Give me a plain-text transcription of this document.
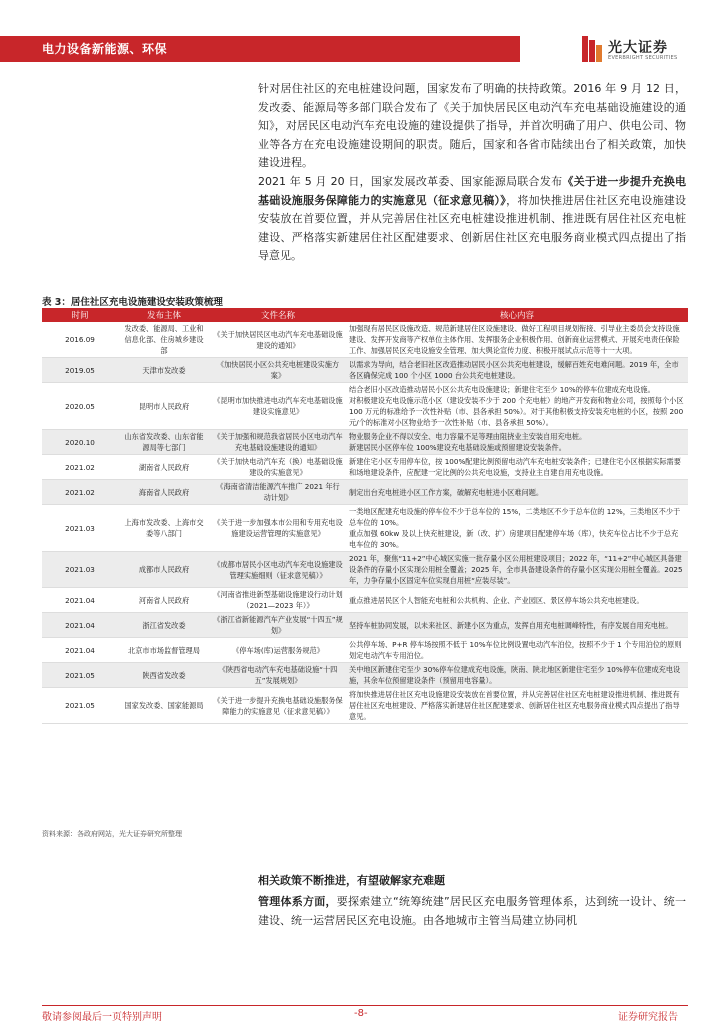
电力设备新能源、环保	光大证券
EVERBRIGHT SECURITIES
针对居住社区的充电桩建设问题，国家发布了明确的扶持政策。2016 年 9 月 12 日，发改委、能源局等多部门联合发布了《关于加快居民区电动汽车充电基础设施建设的通知》，对居民区电动汽车充电设施的建设提供了指导，并首次明确了用户、供电公司、物业等各方在充电设施建设期间的职责。随后，国家和各省市陆续出台了相关政策，加快建设进程。
2021 年 5 月 20 日，国家发展改革委、国家能源局联合发布《关于进一步提升充换电基础设施服务保障能力的实施意见（征求意见稿）》，将加快推进居住社区充电设施建设安装放在首要位置，并从完善居住社区充电桩建设推进机制、推进既有居住社区充电桩建设、严格落实新建居住社区配建要求、创新居住社区充电服务商业模式四点提出了指导意见。
表 3：居住社区充电设施建设安装政策梳理
时间	发布主体	文件名称	核心内容
2016.09	发改委、能源局、工业和信息化部、住房城乡建设部	《关于加快居民区电动汽车充电基础设施建设的通知》	加强现有居民区设施改造、规范新建居住区设施建设、做好工程项目规划衔接、引导业主委员会支持设施建设、发挥开发商等产权单位主体作用、发挥服务企业积极作用、创新商业运营模式、开展充电责任保险工作、加强居民区充电设施安全管理、加大舆论宣传力度、积极开展试点示范等十一大项。
2019.05	天津市发改委	《加快居民小区公共充电桩建设实施方案》	以需求为导向，结合老旧社区改造推动居民小区公共充电桩建设，缓解百姓充电难问题。2019 年，全市各区确保完成 100 个小区 1000 台公共充电桩建设。
2020.05	昆明市人民政府	《昆明市加快推进电动汽车充电基础设施建设实施意见》	结合老旧小区改造推动居民小区公共充电设施建设；新建住宅至少 10%的停车位建成充电设施。
对积极建设充电设施示范小区（建设安装不少于 200 个充电桩）的地产开发商和物业公司，按照每个小区 100 万元的标准给予一次性补贴（市、县各承担 50%）。对于其他积极支持安装充电桩的小区，按照 200 元/个的标准对小区物业给予一次性补贴（市、县各承担 50%）。
2020.10	山东省发改委、山东省能源局等七部门	《关于加强和规范我省居民小区电动汽车充电基础设施建设的通知》	物业服务企业不得以安全、电力容量不足等理由阻挠业主安装自用充电桩。
新建居民小区停车位 100%建设充电基础设施或预留建设安装条件。
2021.02	湖南省人民政府	《关于加快电动汽车充（换）电基础设施建设的实施意见》	新建住宅小区专用停车位，按 100%配建比例预留电动汽车充电桩安装条件；已建住宅小区根据实际需要和场地建设条件，应配建一定比例的公共充电设施，支持业主自建自用充电设施。
2021.02	海南省人民政府	《海南省清洁能源汽车推广 2021 年行动计划》	制定出台充电桩进小区工作方案，破解充电桩进小区难问题。
2021.03	上海市发改委、上海市交委等八部门	《关于进一步加强本市公用和专用充电设施建设运营管理的实施意见》	一类地区配建充电设施的停车位不少于总车位的 15%，二类地区不少于总车位的 12%，三类地区不少于总车位的 10%。
重点加强 60kw 及以上快充桩建设，新（改、扩）房建项目配建停车场（库），快充车位占比不少于总充电车位的 30%。
2021.03	成都市人民政府	《成都市居民小区电动汽车充电设施建设管理实施细则（征求意见稿）》	2021 年，聚焦“11+2”中心城区实施一批存量小区公用桩建设项目；2022 年，“11+2”中心城区具备建设条件的存量小区实现公用桩全覆盖；2025 年，全市具备建设条件的存量小区实现公用桩全覆盖。2025 年，力争存量小区固定车位实现自用桩“应装尽装”。
2021.04	河南省人民政府	《河南省推进新型基础设施建设行动计划（2021—2023 年）》	重点推进居民区个人智能充电桩和公共机构、企业、产业园区、景区停车场公共充电桩建设。
2021.04	浙江省发改委	《浙江省新能源汽车产业发展“十四五”规划》	坚持车桩协同发展，以未来社区、新建小区为重点，发挥自用充电桩调峰特性，有序发展自用充电桩。
2021.04	北京市市场监督管理局	《停车场(库)运营服务规范》	公共停车场、P+R 停车场按照不低于 10%车位比例设置电动汽车泊位，按照不少于 1 个专用泊位的原则划定电动汽车专用泊位。
2021.05	陕西省发改委	《陕西省电动汽车充电基础设施“十四五”发展规划》	关中地区新建住宅至少 30%停车位建成充电设施，陕南、陕北地区新建住宅至少 10%停车位建成充电设施，其余车位预留建设条件（预留用电容量）。
2021.05	国家发改委、国家能源局	《关于进一步提升充换电基础设施服务保障能力的实施意见（征求意见稿）》	将加快推进居住社区充电设施建设安装放在首要位置，并从完善居住社区充电桩建设推进机制、推进既有居住社区充电桩建设、严格落实新建居住社区配建要求、创新居住社区充电服务商业模式四点提出了指导意见。
资料来源：各政府网站，光大证券研究所整理
相关政策不断推进，有望破解家充难题
管理体系方面，要探索建立“统筹统建”居民区充电服务管理体系，达到统一设计、统一建设、统一运营居民区充电设施。由各地城市主管当局建立协同机
敬请参阅最后一页特别声明	-8-	证券研究报告
